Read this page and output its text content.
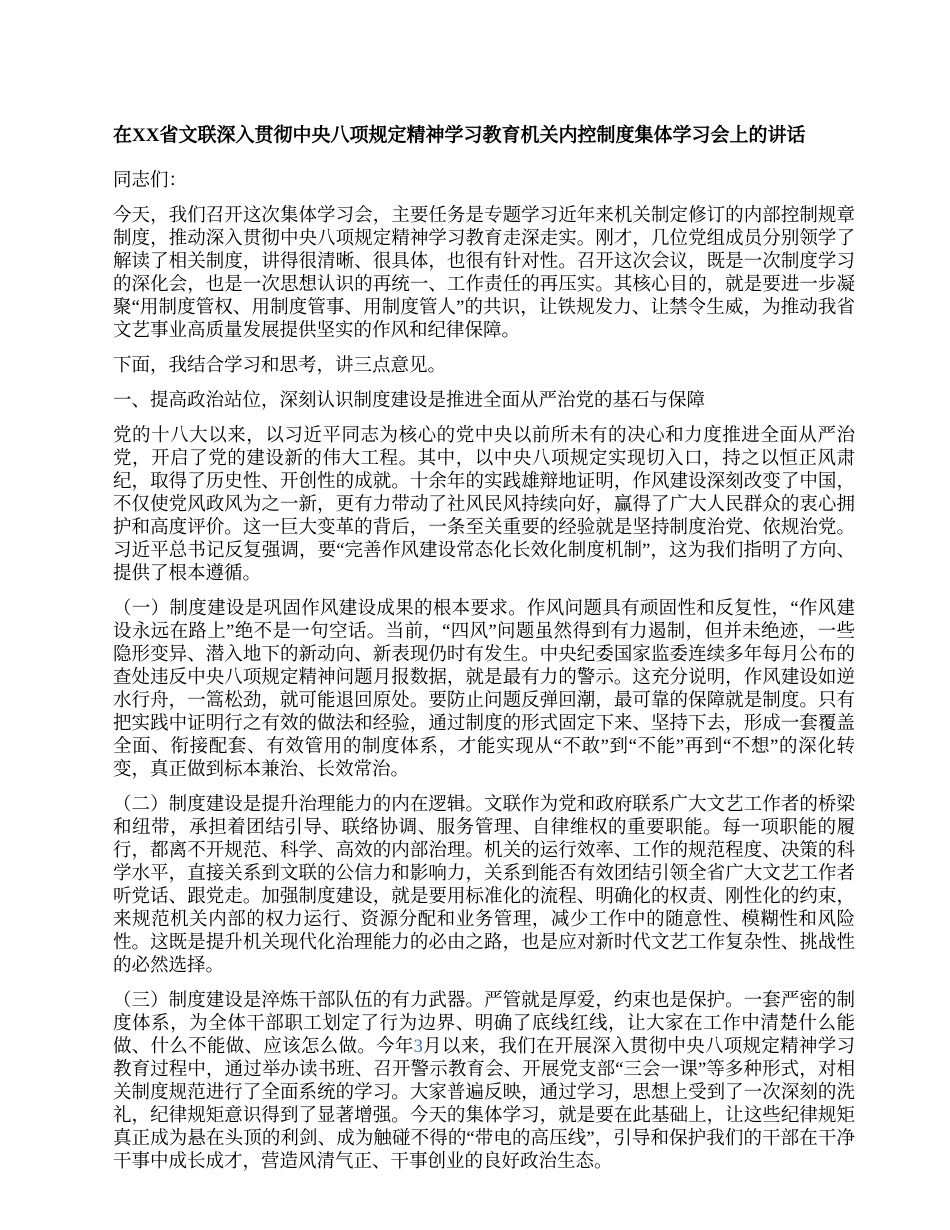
在XX省文联深入贯彻中央八项规定精神学习教育机关内控制度集体学习会上的讲话

同志们：

今天，我们召开这次集体学习会，主要任务是专题学习近年来机关制定修订的内部控制规章制度，推动深入贯彻中央八项规定精神学习教育走深走实。刚才，几位党组成员分别领学了解读了相关制度，讲得很清晰、很具体，也很有针对性。召开这次会议，既是一次制度学习的深化会，也是一次思想认识的再统一、工作责任的再压实。其核心目的，就是要进一步凝聚“用制度管权、用制度管事、用制度管人”的共识，让铁规发力、让禁令生威，为推动我省文艺事业高质量发展提供坚实的作风和纪律保障。

下面，我结合学习和思考，讲三点意见。

一、提高政治站位，深刻认识制度建设是推进全面从严治党的基石与保障

党的十八大以来，以习近平同志为核心的党中央以前所未有的决心和力度推进全面从严治党，开启了党的建设新的伟大工程。其中，以中央八项规定实现切入口，持之以恒正风肃纪，取得了历史性、开创性的成就。十余年的实践雄辩地证明，作风建设深刻改变了中国，不仅使党风政风为之一新，更有力带动了社风民风持续向好，赢得了广大人民群众的衷心拥护和高度评价。这一巨大变革的背后，一条至关重要的经验就是坚持制度治党、依规治党。习近平总书记反复强调，要“完善作风建设常态化长效化制度机制”，这为我们指明了方向、提供了根本遵循。

（一）制度建设是巩固作风建设成果的根本要求。作风问题具有顽固性和反复性，“作风建设永远在路上”绝不是一句空话。当前，“四风”问题虽然得到有力遏制，但并未绝迹，一些隐形变异、潜入地下的新动向、新表现仍时有发生。中央纪委国家监委连续多年每月公布的查处违反中央八项规定精神问题月报数据，就是最有力的警示。这充分说明，作风建设如逆水行舟，一篙松劲，就可能退回原处。要防止问题反弹回潮，最可靠的保障就是制度。只有把实践中证明行之有效的做法和经验，通过制度的形式固定下来、坚持下去，形成一套覆盖全面、衔接配套、有效管用的制度体系，才能实现从“不敢”到“不能”再到“不想”的深化转变，真正做到标本兼治、长效常治。

（二）制度建设是提升治理能力的内在逻辑。文联作为党和政府联系广大文艺工作者的桥梁和纽带，承担着团结引导、联络协调、服务管理、自律维权的重要职能。每一项职能的履行，都离不开规范、科学、高效的内部治理。机关的运行效率、工作的规范程度、决策的科学水平，直接关系到文联的公信力和影响力，关系到能否有效团结引领全省广大文艺工作者听党话、跟党走。加强制度建设，就是要用标准化的流程、明确化的权责、刚性化的约束，来规范机关内部的权力运行、资源分配和业务管理，减少工作中的随意性、模糊性和风险性。这既是提升机关现代化治理能力的必由之路，也是应对新时代文艺工作复杂性、挑战性的必然选择。

（三）制度建设是淬炼干部队伍的有力武器。严管就是厚爱，约束也是保护。一套严密的制度体系，为全体干部职工划定了行为边界、明确了底线红线，让大家在工作中清楚什么能做、什么不能做、应该怎么做。今年3月以来，我们在开展深入贯彻中央八项规定精神学习教育过程中，通过举办读书班、召开警示教育会、开展党支部“三会一课”等多种形式，对相关制度规范进行了全面系统的学习。大家普遍反映，通过学习，思想上受到了一次深刻的洗礼，纪律规矩意识得到了显著增强。今天的集体学习，就是要在此基础上，让这些纪律规矩真正成为悬在头顶的利剑、成为触碰不得的“带电的高压线”，引导和保护我们的干部在干净干事中成长成才，营造风清气正、干事创业的良好政治生态。
